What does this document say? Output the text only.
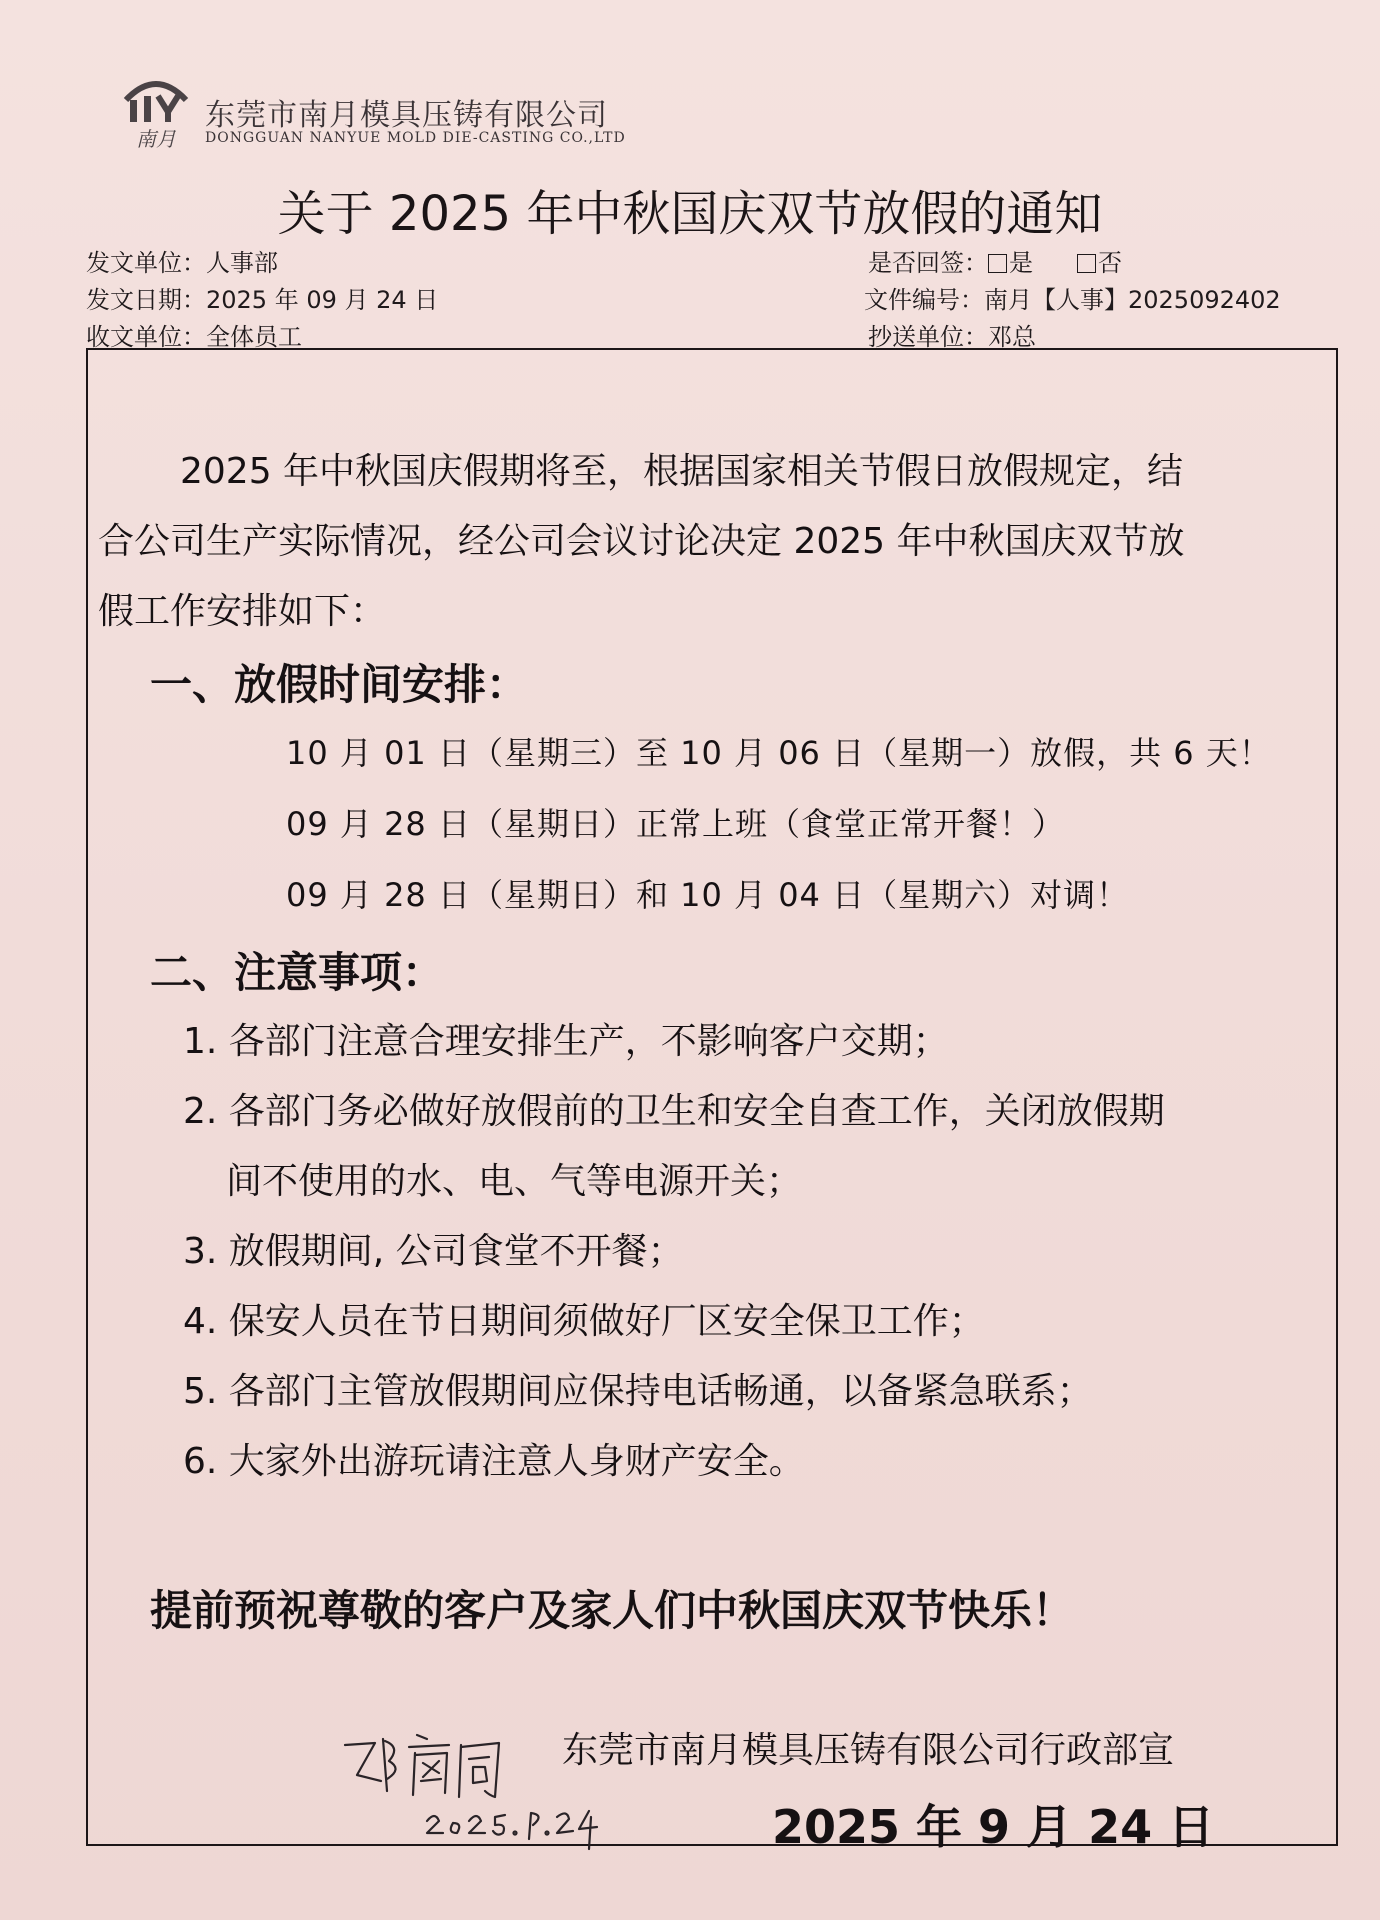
南月
东莞市南月模具压铸有限公司
DONGGUAN NANYUE MOLD DIE-CASTING CO.,LTD
关于 2025 年中秋国庆双节放假的通知
发文单位：人事部
发文日期：2025 年 09 月 24 日
收文单位：全体员工
是否回签： 是	否
文件编号：南月【人事】2025092402
抄送单位：邓总
2025 年中秋国庆假期将至，根据国家相关节假日放假规定，结
合公司生产实际情况，经公司会议讨论决定 2025 年中秋国庆双节放
假工作安排如下：
一、放假时间安排：
10 月 01 日（星期三）至 10 月 06 日（星期一）放假，共 6 天！
09 月 28 日（星期日）正常上班（食堂正常开餐！）
09 月 28 日（星期日）和 10 月 04 日（星期六）对调！
二、注意事项：
1. 各部门注意合理安排生产，不影响客户交期；
2. 各部门务必做好放假前的卫生和安全自查工作，关闭放假期
间不使用的水、电、气等电源开关；
3. 放假期间, 公司食堂不开餐；
4. 保安人员在节日期间须做好厂区安全保卫工作；
5. 各部门主管放假期间应保持电话畅通，以备紧急联系；
6. 大家外出游玩请注意人身财产安全。
提前预祝尊敬的客户及家人们中秋国庆双节快乐！
东莞市南月模具压铸有限公司行政部宣
2025 年 9 月 24 日
